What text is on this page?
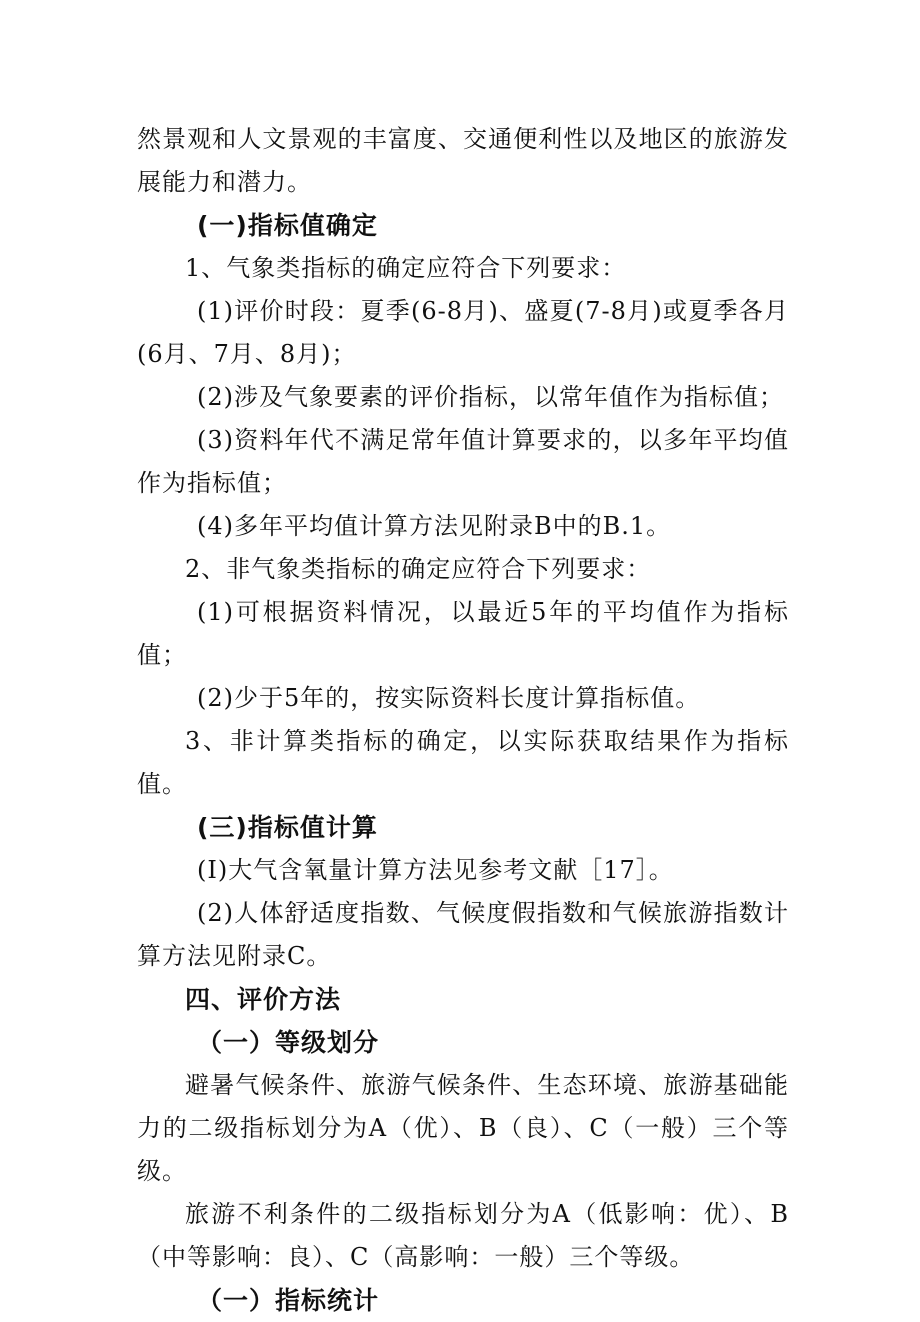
然景观和人文景观的丰富度、交通便利性以及地区的旅游发展能力和潜力。

(一)指标值确定

1、气象类指标的确定应符合下列要求：

(1)评价时段：夏季(6-8月)、盛夏(7-8月)或夏季各月(6月、7月、8月)；

(2)涉及气象要素的评价指标，以常年值作为指标值；

(3)资料年代不满足常年值计算要求的，以多年平均值作为指标值；

(4)多年平均值计算方法见附录B中的B.1。

2、非气象类指标的确定应符合下列要求：

(1)可根据资料情况，以最近5年的平均值作为指标值；

(2)少于5年的，按实际资料长度计算指标值。

3、非计算类指标的确定，以实际获取结果作为指标值。

(三)指标值计算

(I)大气含氧量计算方法见参考文献［17］。

(2)人体舒适度指数、气候度假指数和气候旅游指数计算方法见附录C。

四、评价方法
（一）等级划分

避暑气候条件、旅游气候条件、生态环境、旅游基础能力的二级指标划分为A（优）、B（良）、C（一般）三个等级。

旅游不利条件的二级指标划分为A（低影响：优）、B（中等影响：良）、C（高影响：一般）三个等级。

（一）指标统计
